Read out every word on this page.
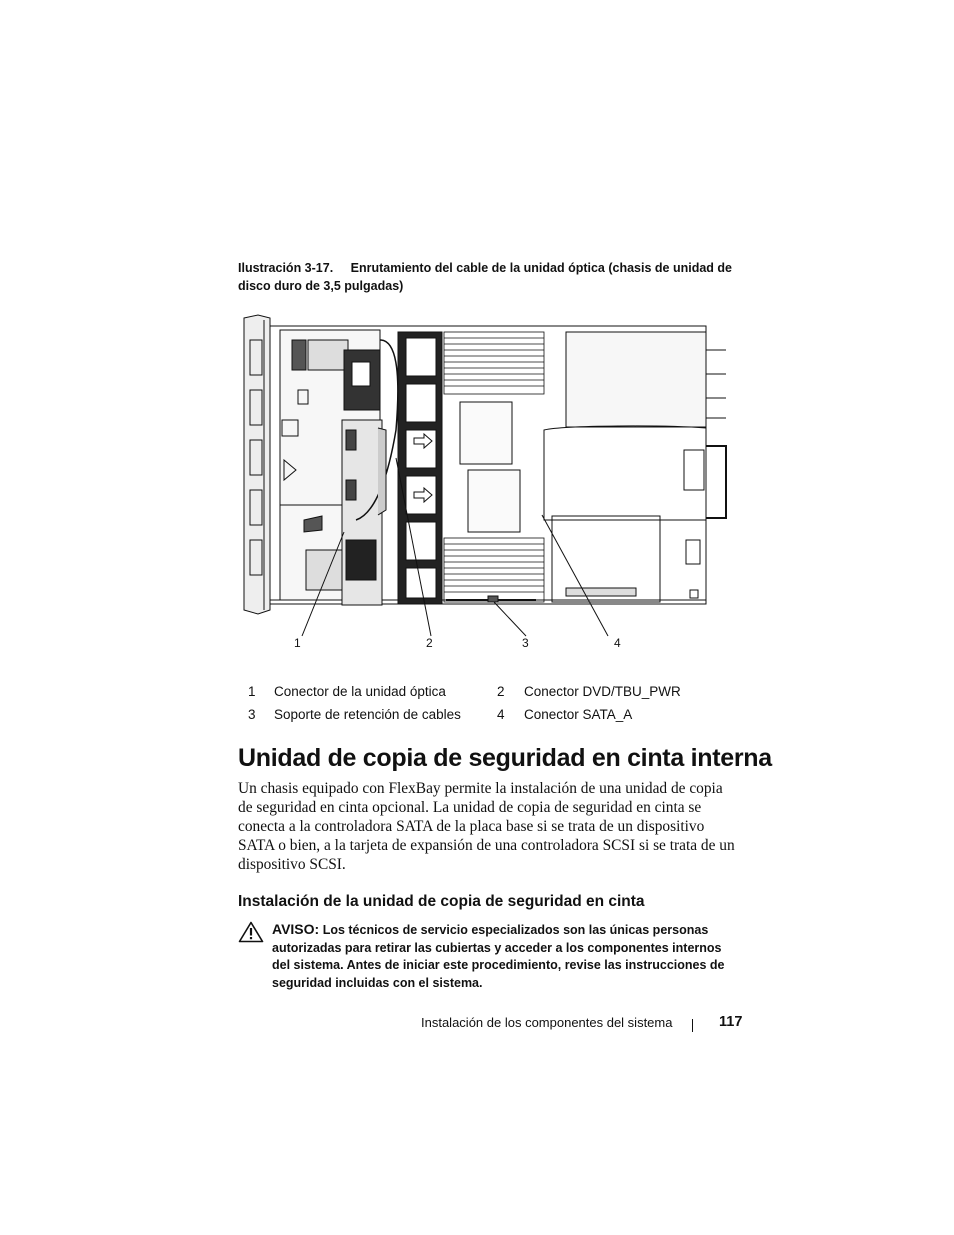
Ilustración 3-17. Enrutamiento del cable de la unidad óptica (chasis de unidad de disco duro de 3,5 pulgadas)
1	2	3	4
1	Conector de la unidad óptica	2	Conector DVD/TBU_PWR
3	Soporte de retención de cables	4	Conector SATA_A
Unidad de copia de seguridad en cinta interna

Un chasis equipado con FlexBay permite la instalación de una unidad de copia de seguridad en cinta opcional. La unidad de copia de seguridad en cinta se conecta a la controladora SATA de la placa base si se trata de un dispositivo SATA o bien, a la tarjeta de expansión de una controladora SCSI si se trata de un dispositivo SCSI.

Instalación de la unidad de copia de seguridad en cinta
AVISO: Los técnicos de servicio especializados son las únicas personas autorizadas para retirar las cubiertas y acceder a los componentes internos del sistema. Antes de iniciar este procedimiento, revise las instrucciones de seguridad incluidas con el sistema.
Instalación de los componentes del sistema	117
